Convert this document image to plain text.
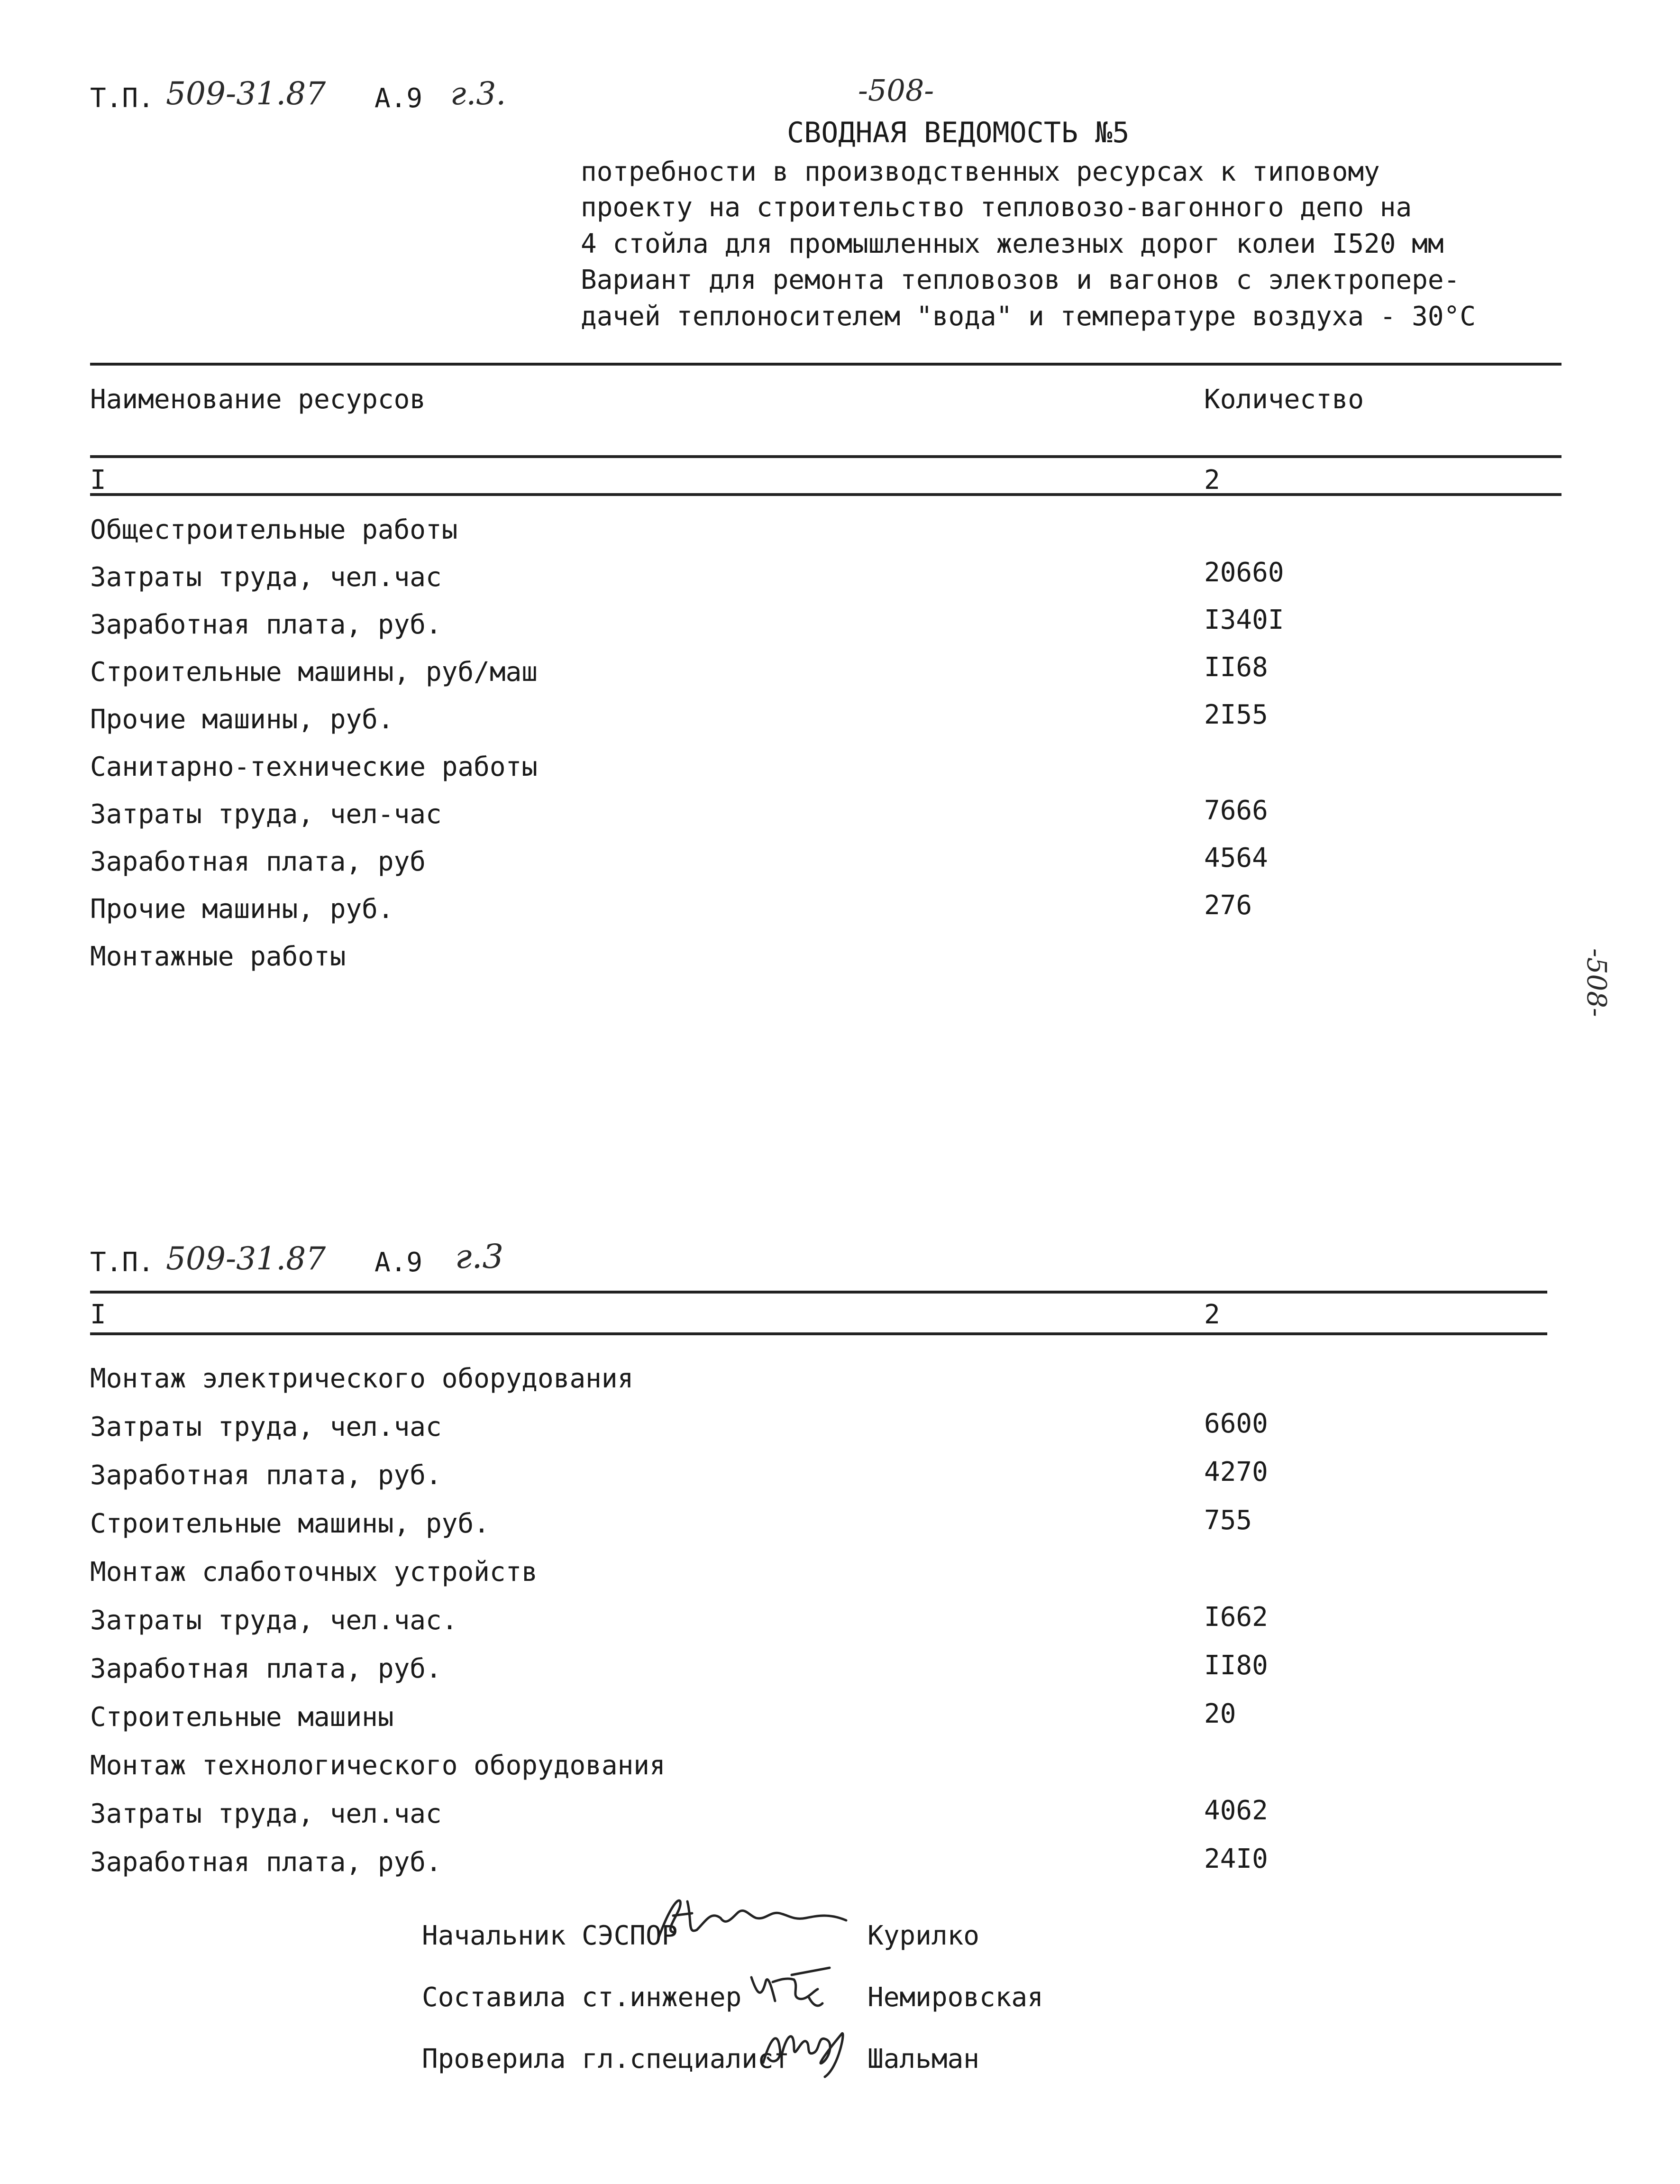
Т.П. 509-31.87 А.9 г.3.	-508-
СВОДНАЯ ВЕДОМОСТЬ №5
потребности в производственных ресурсах к типовому
проекту на строительство тепловозо-вагонного депо на
4 стойла для промышленных железных дорог колеи I520 мм
Вариант для ремонта тепловозов и вагонов с электропере-
дачей теплоносителем "вода" и температуре воздуха - 30°С
Наименование ресурсов	Количество
I	2
Общестроительные работы
Затраты труда, чел.час	20660
Заработная плата, руб.	I340I
Строительные машины, руб/маш	II68
Прочие машины, руб.	2I55
Санитарно-технические работы
Затраты труда, чел-час	7666
Заработная плата, руб	4564
Прочие машины, руб.	276
Монтажные работы	-508-
Т.П. 509-31.87 А.9 г.3
I	2
Монтаж электрического оборудования
Затраты труда, чел.час	6600
Заработная плата, руб.	4270
Строительные машины, руб.	755
Монтаж слаботочных устройств
Затраты труда, чел.час.	I662
Заработная плата, руб.	II80
Строительные машины	20
Монтаж технологического оборудования
Затраты труда, чел.час	4062
Заработная плата, руб.	24I0
Начальник СЭСПОР	Курилко
Составила ст.инженер	Немировская
Проверила гл.специалист	Шальман
